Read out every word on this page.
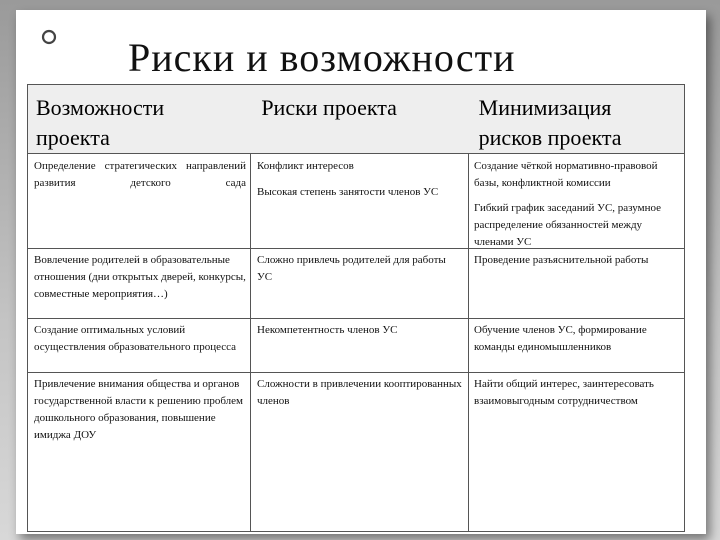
Риски и возможности
Возможности проекта
Риски проекта	Минимизация рисков проекта
Определение стратегических направлений развития детского сада
Конфликт интересов
Высокая степень занятости членов УС
Создание чёткой нормативно-правовой базы, конфликтной комиссии
Гибкий график заседаний УС, разумное распределение обязанностей между членами УС
Вовлечение родителей в образовательные отношения (дни открытых дверей, конкурсы, совместные мероприятия…)
Сложно привлечь родителей для работы УС
Проведение разъяснительной работы
Создание оптимальных условий осуществления образовательного процесса
Некомпетентность членов УС	Обучение членов УС, формирование команды единомышленников
Привлечение внимания общества и органов государственной власти к решению проблем дошкольного образования, повышение имиджа ДОУ
Сложности в привлечении кооптированных членов
Найти общий интерес, заинтересовать взаимовыгодным сотрудничеством
